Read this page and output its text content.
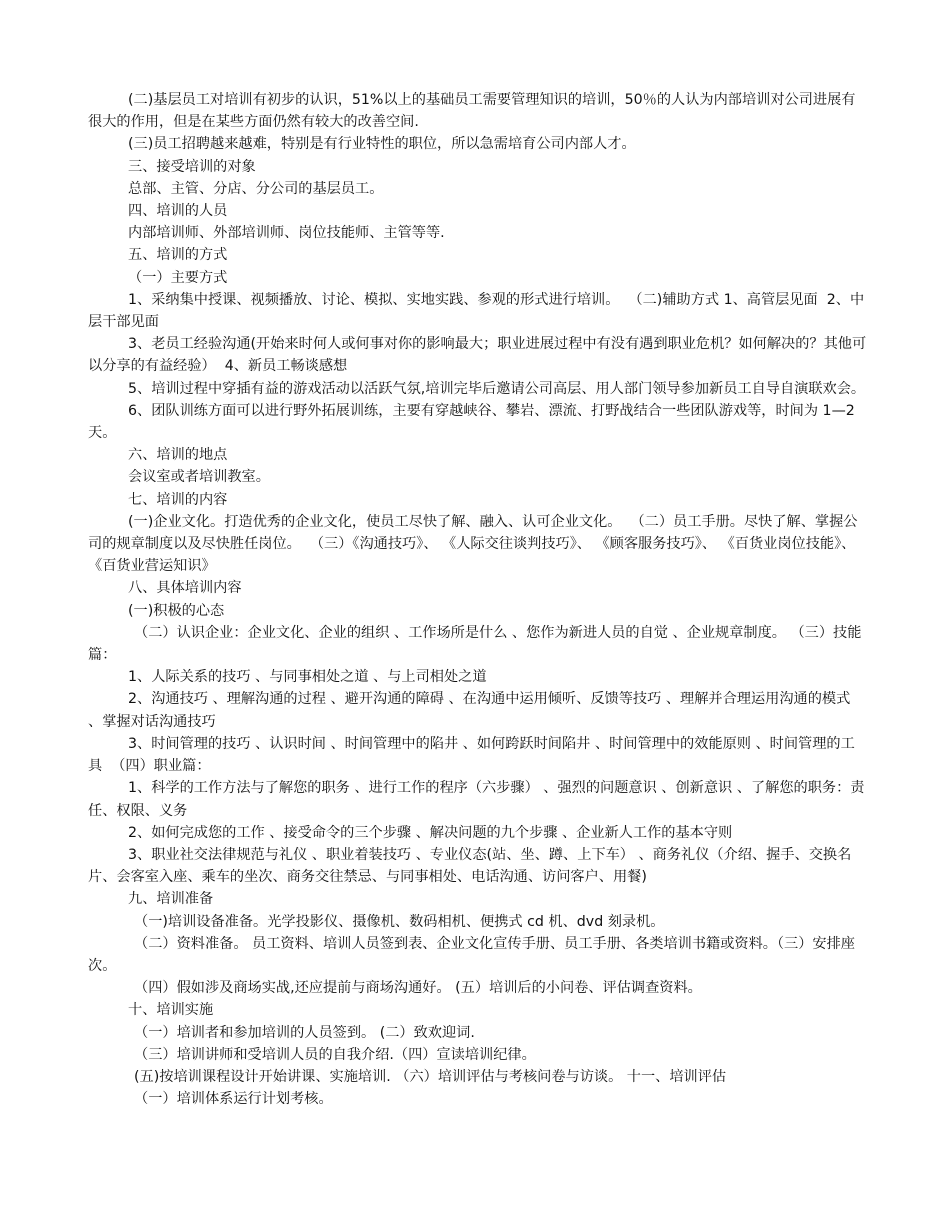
(二)基层员工对培训有初步的认识，51%以上的基础员工需要管理知识的培训，50％的人认为内部培训对公司进展有很大的作用，但是在某些方面仍然有较大的改善空间.

(三)员工招聘越来越难，特别是有行业特性的职位，所以急需培育公司内部人才。

三、接受培训的对象

总部、主管、分店、分公司的基层员工。

四、培训的人员

内部培训师、外部培训师、岗位技能师、主管等等.

五、培训的方式

（一）主要方式

1、采纳集中授课、视频播放、讨论、模拟、实地实践、参观的形式进行培训。  （二)辅助方式 1、高管层见面  2、中层干部见面

3、老员工经验沟通(开始来时何人或何事对你的影响最大；职业进展过程中有没有遇到职业危机？如何解决的？其他可以分享的有益经验）  4、新员工畅谈感想

5、培训过程中穿插有益的游戏活动以活跃气氛,培训完毕后邀请公司高层、用人部门领导参加新员工自导自演联欢会。

6、团队训练方面可以进行野外拓展训练，主要有穿越峡谷、攀岩、漂流、打野战结合一些团队游戏等，时间为 1—2 天。

六、培训的地点

会议室或者培训教室。

七、培训的内容

(一)企业文化。打造优秀的企业文化，使员工尽快了解、融入、认可企业文化。  （二）员工手册。尽快了解、掌握公司的规章制度以及尽快胜任岗位。  （三）《沟通技巧》、 《人际交往谈判技巧》、 《顾客服务技巧》、 《百货业岗位技能》、 《百货业营运知识》

八、具体培训内容

(一)积极的心态

（二）认识企业：企业文化、企业的组织 、工作场所是什么 、您作为新进人员的自觉 、企业规章制度。 （三）技能篇：

1、人际关系的技巧 、与同事相处之道 、与上司相处之道

2、沟通技巧 、理解沟通的过程 、避开沟通的障碍 、在沟通中运用倾听、反馈等技巧 、理解并合理运用沟通的模式 、掌握对话沟通技巧

3、时间管理的技巧 、认识时间 、时间管理中的陷井 、如何跨跃时间陷井 、时间管理中的效能原则 、时间管理的工具  （四）职业篇：

1、科学的工作方法与了解您的职务 、进行工作的程序（六步骤） 、强烈的问题意识 、创新意识 、了解您的职务：责任、权限、义务

2、如何完成您的工作 、接受命令的三个步骤 、解决问题的九个步骤 、企业新人工作的基本守则

3、职业社交法律规范与礼仪 、职业着装技巧 、专业仪态(站、坐、蹲、上下车） 、商务礼仪（介绍、握手、交换名片、会客室入座、乘车的坐次、商务交往禁忌、与同事相处、电话沟通、访问客户、用餐)

九、培训准备

（一)培训设备准备。光学投影仪、摄像机、数码相机、便携式 cd 机、dvd 刻录机。

（二）资料准备。 员工资料、培训人员签到表、企业文化宣传手册、员工手册、各类培训书籍或资料。（三）安排座次。

（四）假如涉及商场实战,还应提前与商场沟通好。 (五）培训后的小问卷、评估调查资料。

十、培训实施

（一）培训者和参加培训的人员签到。 (二）致欢迎词.

（三）培训讲师和受培训人员的自我介绍.（四）宣读培训纪律。

(五)按培训课程设计开始讲课、实施培训. （六）培训评估与考核问卷与访谈。 十一、培训评估

（一）培训体系运行计划考核。
